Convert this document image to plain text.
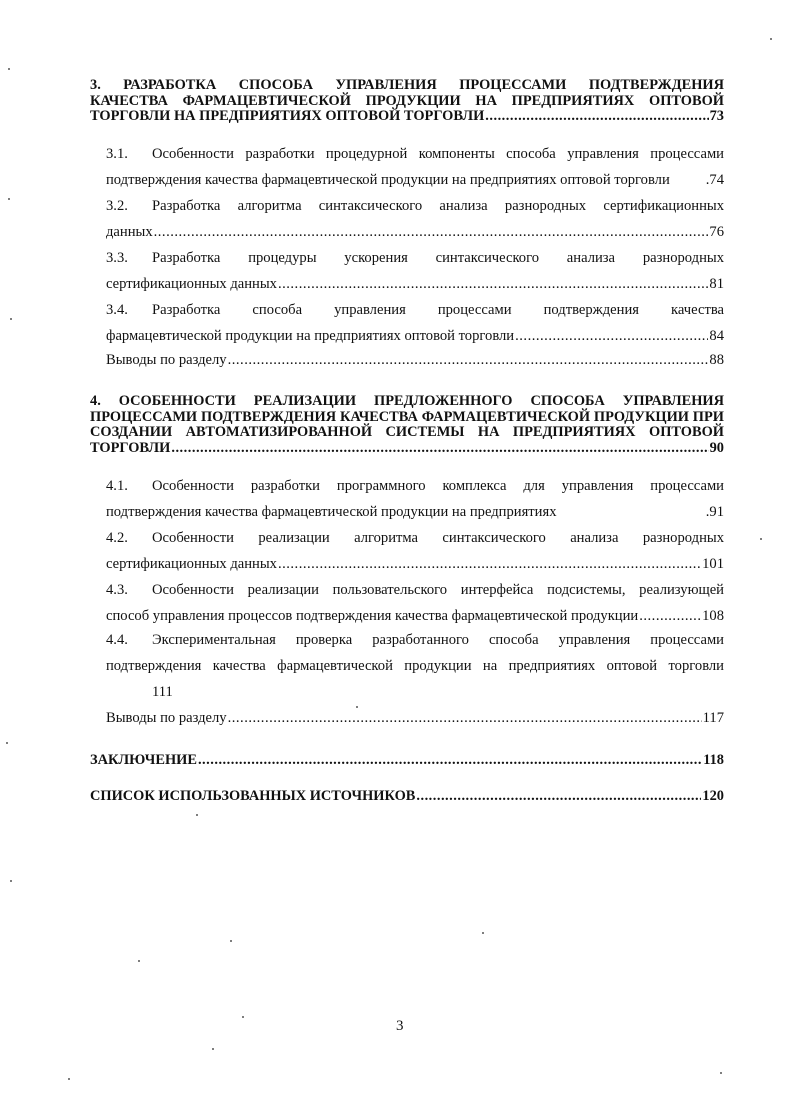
3. РАЗРАБОТКА СПОСОБА УПРАВЛЕНИЯ ПРОЦЕССАМИ ПОДТВЕРЖДЕНИЯ
КАЧЕСТВА ФАРМАЦЕВТИЧЕСКОЙ ПРОДУКЦИИ НА ПРЕДПРИЯТИЯХ ОПТОВОЙ
ТОРГОВЛИ НА ПРЕДПРИЯТИЯХ ОПТОВОЙ ТОРГОВЛИ .....	73
3.1.	Особенности разработки процедурной компоненты способа управления процессами
подтверждения качества фармацевтической продукции на предприятиях оптовой торговли .74
3.2.	Разработка алгоритма синтаксического анализа разнородных сертификационных
данных .....	76
3.3.	Разработка процедуры ускорения синтаксического анализа разнородных
сертификационных данных .....	81
3.4.	Разработка способа управления процессами подтверждения качества
фармацевтической продукции на предприятиях оптовой торговли .....	84
Выводы по разделу .....	88
4. ОСОБЕННОСТИ РЕАЛИЗАЦИИ ПРЕДЛОЖЕННОГО СПОСОБА УПРАВЛЕНИЯ
ПРОЦЕССАМИ ПОДТВЕРЖДЕНИЯ КАЧЕСТВА ФАРМАЦЕВТИЧЕСКОЙ ПРОДУКЦИИ ПРИ
СОЗДАНИИ АВТОМАТИЗИРОВАННОЙ СИСТЕМЫ НА ПРЕДПРИЯТИЯХ ОПТОВОЙ
ТОРГОВЛИ .....	90
4.1.	Особенности разработки программного комплекса для управления процессами
подтверждения качества фармацевтической продукции на предприятиях	.91
4.2.	Особенности реализации алгоритма синтаксического анализа разнородных
сертификационных данных .....	101
4.3.	Особенности реализации пользовательского интерфейса подсистемы, реализующей
способ управления процессов подтверждения качества фармацевтической продукции .....	108
4.4.	Экспериментальная проверка разработанного способа управления процессами
подтверждения качества фармацевтической продукции на предприятиях оптовой торговли
111
Выводы по разделу .....	117
ЗАКЛЮЧЕНИЕ .....	118
СПИСОК ИСПОЛЬЗОВАННЫХ ИСТОЧНИКОВ .....	120
3
